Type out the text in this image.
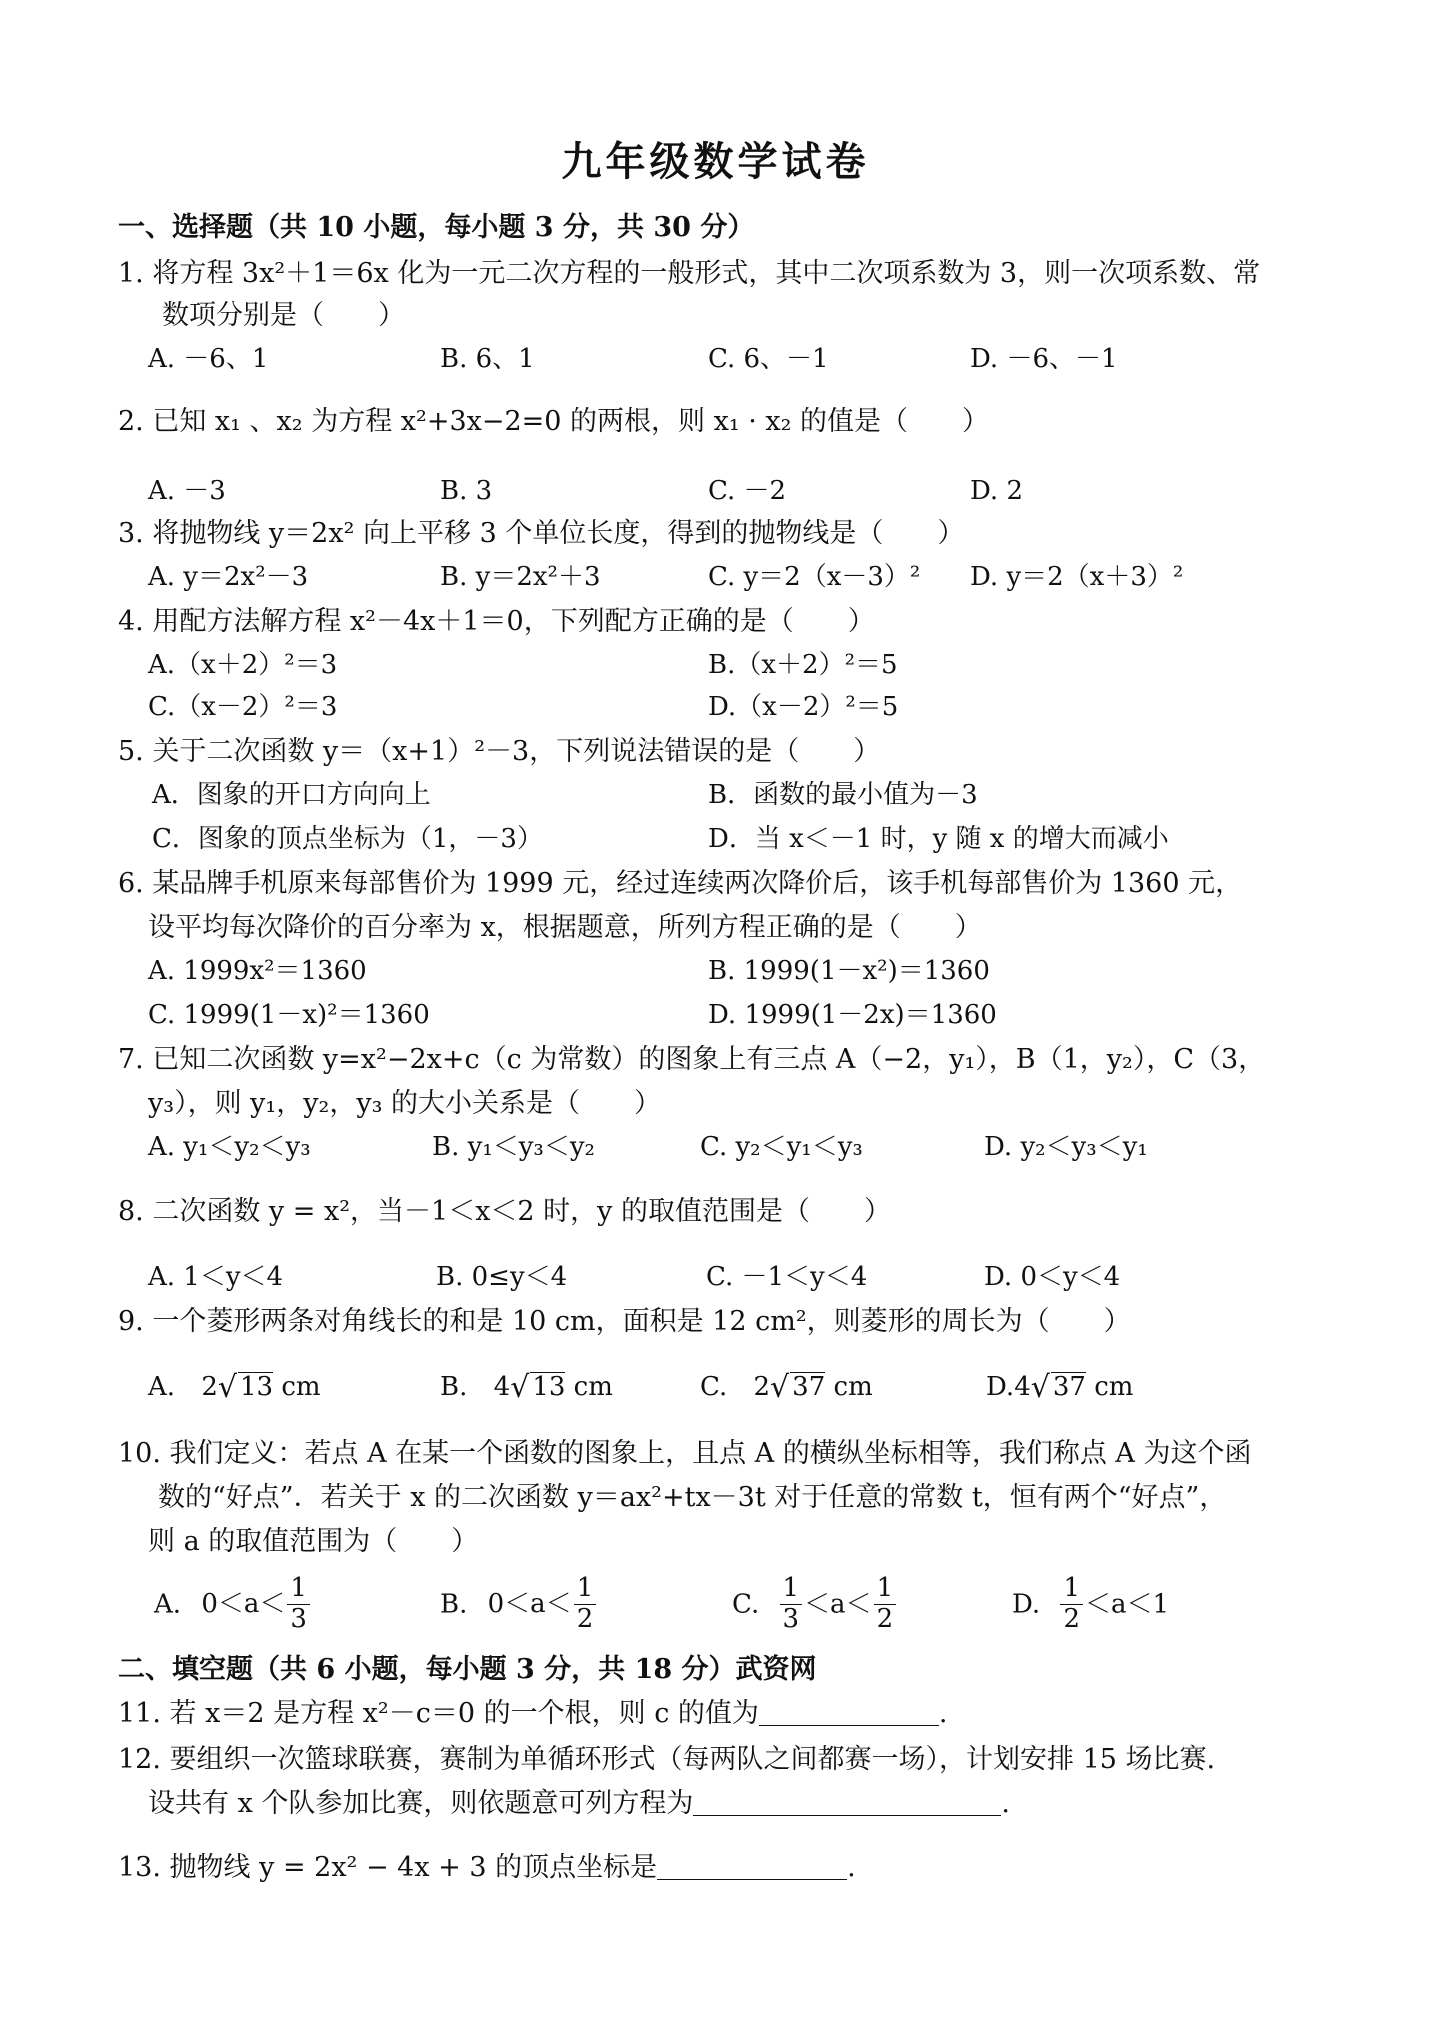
九年级数学试卷
一、选择题（共 10 小题，每小题 3 分，共 30 分）
1. 将方程 3x²＋1＝6x 化为一元二次方程的一般形式，其中二次项系数为 3，则一次项系数、常
数项分别是（　　）
A. －6、1	B. 6、1	C. 6、－1	D. －6、－1
2. 已知 x₁ 、x₂ 为方程 x²+3x−2=0 的两根，则 x₁ · x₂ 的值是（　　）
A. －3	B. 3	C. －2	D. 2
3. 将抛物线 y＝2x² 向上平移 3 个单位长度，得到的抛物线是（　　）
A. y＝2x²－3	B. y＝2x²＋3	C. y＝2（x－3）² D. y＝2（x＋3）²
4. 用配方法解方程 x²－4x＋1＝0，下列配方正确的是（　　）
A.（x＋2）²＝3	B.（x＋2）²＝5
C.（x－2）²＝3	D.（x－2）²＝5
5. 关于二次函数 y＝（x+1）²－3，下列说法错误的是（　　）
A．图象的开口方向向上	B．函数的最小值为－3
C．图象的顶点坐标为（1，－3）	D．当 x＜－1 时，y 随 x 的增大而减小
6. 某品牌手机原来每部售价为 1999 元，经过连续两次降价后，该手机每部售价为 1360 元，
设平均每次降价的百分率为 x，根据题意，所列方程正确的是（　　）
A. 1999x²＝1360	B. 1999(1－x²)＝1360
C. 1999(1－x)²＝1360	D. 1999(1－2x)＝1360
7. 已知二次函数 y=x²−2x+c（c 为常数）的图象上有三点 A（−2，y₁），B（1，y₂），C（3，
y₃），则 y₁，y₂，y₃ 的大小关系是（　　）
A. y₁＜y₂＜y₃	B. y₁＜y₃＜y₂	C. y₂＜y₁＜y₃	D. y₂＜y₃＜y₁
8. 二次函数 y = x²，当－1＜x＜2 时，y 的取值范围是（　　）
A. 1＜y＜4	B. 0≤y＜4	C. －1＜y＜4	D. 0＜y＜4
9. 一个菱形两条对角线长的和是 10 cm，面积是 12 cm²，则菱形的周长为（　　）
A. 2√ 13 cm	B. 4√ 13 cm	C. 2√ 37 cm	D.4√ 37 cm
10. 我们定义：若点 A 在某一个函数的图象上，且点 A 的横纵坐标相等，我们称点 A 为这个函
数的“好点”．若关于 x 的二次函数 y＝ax²+tx－3t 对于任意的常数 t，恒有两个“好点”，
则 a 的取值范围为（　　）
A. $0<a< \frac{1}{3}$	B. $0<a< \frac{1}{2}$	C. $\frac{1}{3} <a< \frac{1}{2}$	D. $\frac{1}{2} <a<1$
二、填空题（共 6 小题，每小题 3 分，共 18 分）武资网
11. 若 x＝2 是方程 x²－c＝0 的一个根，则 c 的值为	.
12. 要组织一次篮球联赛，赛制为单循环形式（每两队之间都赛一场），计划安排 15 场比赛.
设共有 x 个队参加比赛，则依题意可列方程为	.
13. 抛物线 y = 2x² − 4x + 3 的顶点坐标是	.
